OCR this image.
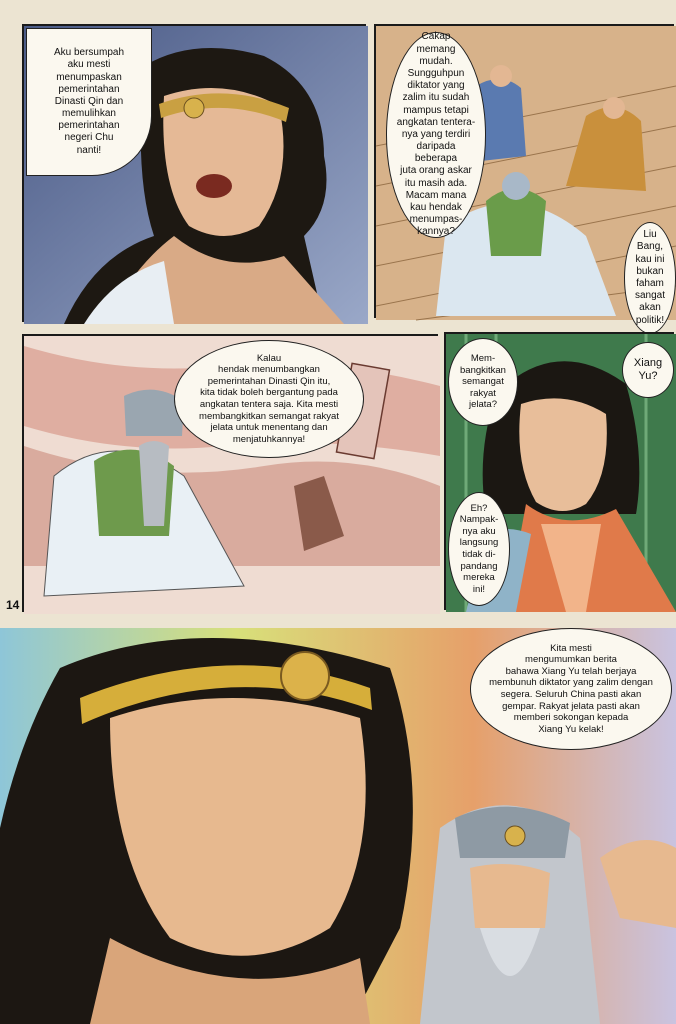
Aku bersumpah
aku mesti
menumpaskan
pemerintahan
Dinasti Qin dan
memulihkan
pemerintahan
negeri Chu
nanti!
Cakap
memang
mudah.
Sungguhpun
diktator yang
zalim itu sudah
mampus tetapi
angkatan tentera-
nya yang terdiri
daripada beberapa
juta orang askar
itu masih ada.
Macam mana
kau hendak
menumpas-
kannya?	Liu
Bang,
kau ini
bukan
faham
sangat
akan
politik!
Kalau
hendak menumbangkan
pemerintahan Dinasti Qin itu,
kita tidak boleh bergantung pada
angkatan tentera saja. Kita mesti
membangkitkan semangat rakyat
jelata untuk menentang dan
menjatuhkannya!
Mem-
bangkitkan
semangat
rakyat
jelata?
Xiang
Yu?
Eh?
Nampak-
nya aku
langsung
tidak di-
pandang
mereka
ini!
14
Kita mesti
mengumumkan berita
bahawa Xiang Yu telah berjaya
membunuh diktator yang zalim dengan
segera. Seluruh China pasti akan
gempar. Rakyat jelata pasti akan
memberi sokongan kepada
Xiang Yu kelak!
